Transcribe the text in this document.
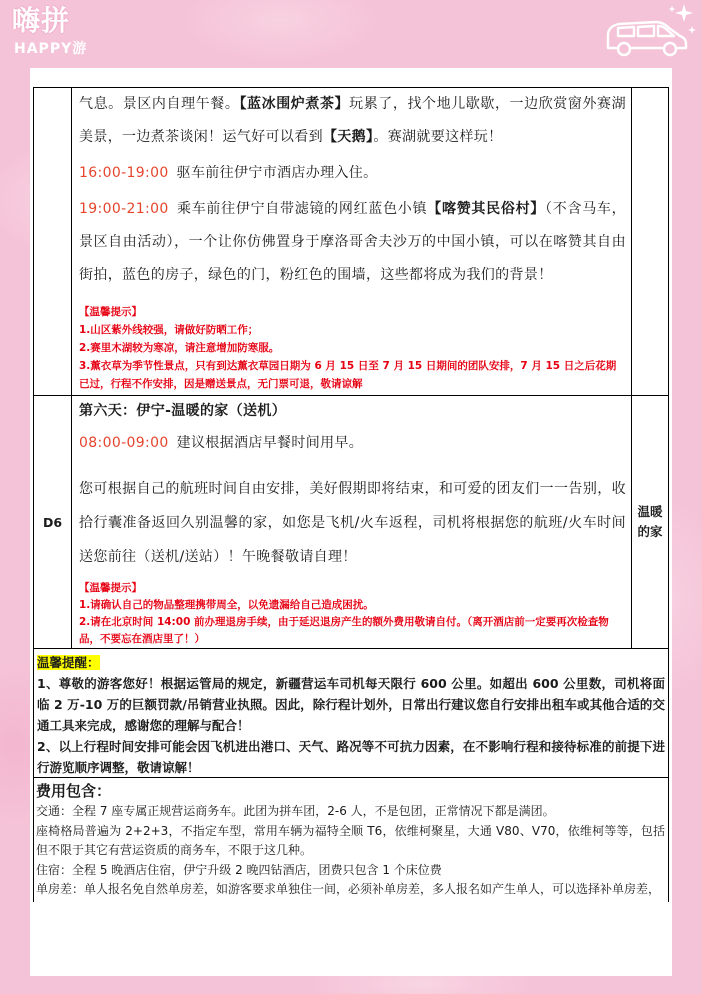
嗨拼
HAPPY游

气息。景区内自理午餐。【蓝冰围炉煮茶】玩累了，找个地儿歇歇，一边欣赏窗外赛湖美景，一边煮茶谈闲！运气好可以看到【天鹅】。赛湖就要这样玩！

16:00-19:00 驱车前往伊宁市酒店办理入住。

19:00-21:00 乘车前往伊宁自带滤镜的网红蓝色小镇【喀赞其民俗村】（不含马车，景区自由活动），一个让你仿佛置身于摩洛哥舍夫沙万的中国小镇，可以在喀赞其自由街拍，蓝色的房子，绿色的门，粉红色的围墙，这些都将成为我们的背景！

【温馨提示】
1.山区紫外线较强，请做好防晒工作；
2.赛里木湖较为寒凉，请注意增加防寒服。
3.薰衣草为季节性景点，只有到达薰衣草园日期为 6 月 15 日至 7 月 15 日期间的团队安排，7 月 15 日之后花期已过，行程不作安排，因是赠送景点，无门票可退，敬请谅解
D6

第六天：伊宁-温暖的家（送机）

08:00-09:00 建议根据酒店早餐时间用早。

您可根据自己的航班时间自由安排，美好假期即将结束，和可爱的团友们一一告别，收拾行囊准备返回久别温馨的家，如您是飞机/火车返程，司机将根据您的航班/火车时间送您前往（送机/送站）！午晚餐敬请自理！

【温馨提示】
1.请确认自己的物品整理携带周全，以免遗漏给自己造成困扰。
2.请在北京时间 14:00 前办理退房手续，由于延迟退房产生的额外费用敬请自付。（离开酒店前一定要再次检查物品，不要忘在酒店里了！）
温暖的家
温馨提醒：
1、尊敬的游客您好！根据运管局的规定，新疆营运车司机每天限行 600 公里。如超出 600 公里数，司机将面临 2 万-10 万的巨额罚款/吊销营业执照。因此，除行程计划外，日常出行建议您自行安排出租车或其他合适的交通工具来完成，感谢您的理解与配合！
2、以上行程时间安排可能会因飞机进出港口、天气、路况等不可抗力因素，在不影响行程和接待标准的前提下进行游览顺序调整，敬请谅解！
费用包含：
交通：全程 7 座专属正规营运商务车。此团为拼车团，2-6 人，不是包团，正常情况下都是满团。
座椅格局普遍为 2+2+3，不指定车型，常用车辆为福特全顺 T6，依维柯聚星，大通 V80、V70，依维柯等等，包括但不限于其它有营运资质的商务车，不限于这几种。
住宿：全程 5 晚酒店住宿，伊宁升级 2 晚四钻酒店，团费只包含 1 个床位费
单房差：单人报名免自然单房差，如游客要求单独住一间，必须补单房差，多人报名如产生单人，可以选择补单房差，
